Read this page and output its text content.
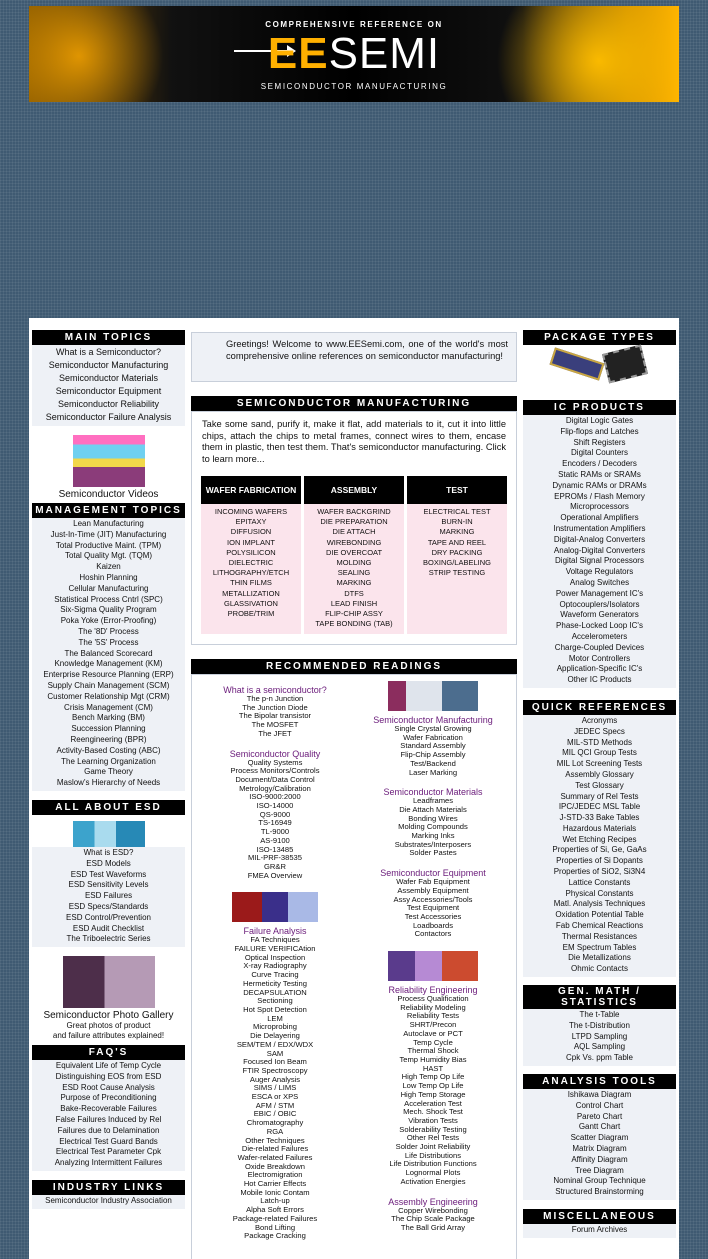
COMPREHENSIVE REFERENCE ON
EESEMI
SEMICONDUCTOR MANUFACTURING
MAIN TOPICS
What is a Semiconductor?
Semiconductor Manufacturing
Semiconductor Materials
Semiconductor Equipment
Semiconductor Reliability
Semiconductor Failure Analysis
Semiconductor Videos
MANAGEMENT TOPICS
Lean Manufacturing
Just-In-Time (JIT) Manufacturing
Total Productive Maint. (TPM)
Total Quality Mgt. (TQM)
Kaizen
Hoshin Planning
Cellular Manufacturing
Statistical Process Cntrl (SPC)
Six-Sigma Quality Program
Poka Yoke (Error-Proofing)
The '8D' Process
The '5S' Process
The Balanced Scorecard
Knowledge Management (KM)
Enterprise Resource Planning (ERP)
Supply Chain Management (SCM)
Customer Relationship Mgt (CRM)
Crisis Management (CM)
Bench Marking (BM)
Succession Planning
Reengineering (BPR)
Activity-Based Costing (ABC)
The Learning Organization
Game Theory
Maslow's Hierarchy of Needs
ALL ABOUT ESD
What is ESD?
ESD Models
ESD Test Waveforms
ESD Sensitivity Levels
ESD Failures
ESD Specs/Standards
ESD Control/Prevention
ESD Audit Checklist
The Triboelectric Series
Semiconductor Photo Gallery
Great photos of product
and failure attributes explained!
FAQ'S
Equivalent Life of Temp Cycle
Distinguishing EOS from ESD
ESD Root Cause Analysis
Purpose of Preconditioning
Bake-Recoverable Failures
False Failures Induced by Rel
Failures due to Delamination
Electrical Test Guard Bands
Electrical Test Parameter Cpk
Analyzing Intermittent Failures
INDUSTRY LINKS
Semiconductor Industry Association
Greetings! Welcome to www.EESemi.com, one of the world's most comprehensive online references on semiconductor manufacturing!
SEMICONDUCTOR MANUFACTURING
Take some sand, purify it, make it flat, add materials to it, cut it into little chips, attach the chips to metal frames, connect wires to them, encase them in plastic, then test them. That's semiconductor manufacturing. Click to learn more...
WAFER FABRICATION
INCOMING WAFERS
EPITAXY
DIFFUSION
ION IMPLANT
POLYSILICON
DIELECTRIC
LITHOGRAPHY/ETCH
THIN FILMS
METALLIZATION
GLASSIVATION
PROBE/TRIM
ASSEMBLY
WAFER BACKGRIND
DIE PREPARATION
DIE ATTACH
WIREBONDING
DIE OVERCOAT
MOLDING
SEALING
MARKING
DTFS
LEAD FINISH
FLIP-CHIP ASSY
TAPE BONDING (TAB)
TEST
ELECTRICAL TEST
BURN-IN
MARKING
TAPE AND REEL
DRY PACKING
BOXING/LABELING
STRIP TESTING
RECOMMENDED READINGS
What is a semiconductor?
The p-n Junction
The Junction Diode
The Bipolar transistor
The MOSFET
The JFET
Semiconductor Quality
Quality Systems
Process Monitors/Controls
Document/Data Control
Metrology/Calibration
ISO-9000:2000
ISO-14000
QS-9000
TS-16949
TL-9000
AS-9100
ISO-13485
MIL-PRF-38535
GR&R
FMEA Overview
Failure Analysis
FA Techniques
FAILURE VERIFICAtion
Optical Inspection
X-ray Radiography
Curve Tracing
Hermeticity Testing
DECAPSULATION
Sectioning
Hot Spot Detection
LEM
Microprobing
Die Delayering
SEM/TEM / EDX/WDX
SAM
Focused Ion Beam
FTIR Spectroscopy
Auger Analysis
SIMS / LIMS
ESCA or XPS
AFM / STM
EBIC / OBIC
Chromatography
RGA
Other Techniques
Die-related Failures
Wafer-related Failures
Oxide Breakdown
Electromigration
Hot Carrier Effects
Mobile Ionic Contam
Latch-up
Alpha Soft Errors
Package-related Failures
Bond Lifting
Package Cracking
Semiconductor Manufacturing
Single Crystal Growing
Wafer Fabrication
Standard Assembly
Flip-Chip Assembly
Test/Backend
Laser Marking
Semiconductor Materials
Leadframes
Die Attach Materials
Bonding Wires
Molding Compounds
Marking Inks
Substrates/Interposers
Solder Pastes
Semiconductor Equipment
Wafer Fab Equipment
Assembly Equipment
Assy Accessories/Tools
Test Equipment
Test Accessories
Loadboards
Contactors
Reliability Engineering
Process Qualification
Reliability Modeling
Reliability Tests
SHRT/Precon
Autoclave or PCT
Temp Cycle
Thermal Shock
Temp Humidity Bias
HAST
High Temp Op Life
Low Temp Op Life
High Temp Storage
Acceleration Test
Mech. Shock Test
Vibration Tests
Solderability Testing
Other Rel Tests
Solder Joint Reliability
Life Distributions
Life Distribution Functions
Lognormal Plots
Activation Energies
Assembly Engineering
Copper Wirebonding
The Chip Scale Package
The Ball Grid Array
PACKAGE TYPES
IC PRODUCTS
Digital Logic Gates
Flip-flops and Latches
Shift Registers
Digital Counters
Encoders / Decoders
Static RAMs or SRAMs
Dynamic RAMs or DRAMs
EPROMs / Flash Memory
Microprocessors
Operational Amplifiers
Instrumentation Amplifiers
Digital-Analog Converters
Analog-Digital Converters
Digital Signal Processors
Voltage Regulators
Analog Switches
Power Management IC's
Optocouplers/Isolators
Waveform Generators
Phase-Locked Loop IC's
Accelerometers
Charge-Coupled Devices
Motor Controllers
Application-Specific IC's
Other IC Products
QUICK REFERENCES
Acronyms
JEDEC Specs
MIL-STD Methods
MIL QCI Group Tests
MIL Lot Screening Tests
Assembly Glossary
Test Glossary
Summary of Rel Tests
IPC/JEDEC MSL Table
J-STD-33 Bake Tables
Hazardous Materials
Wet Etching Recipes
Properties of Si, Ge, GaAs
Properties of Si Dopants
Properties of SiO2, Si3N4
Lattice Constants
Physical Constants
Matl. Analysis Techniques
Oxidation Potential Table
Fab Chemical Reactions
Thermal Resistances
EM Spectrum Tables
Die Metallizations
Ohmic Contacts
GEN. MATH / STATISTICS
The t-Table
The t-Distribution
LTPD Sampling
AQL Sampling
Cpk Vs. ppm Table
ANALYSIS TOOLS
Ishikawa Diagram
Control Chart
Pareto Chart
Gantt Chart
Scatter Diagram
Matrix Diagram
Affinity Diagram
Tree Diagram
Nominal Group Technique
Structured Brainstorming
MISCELLANEOUS
Forum Archives
